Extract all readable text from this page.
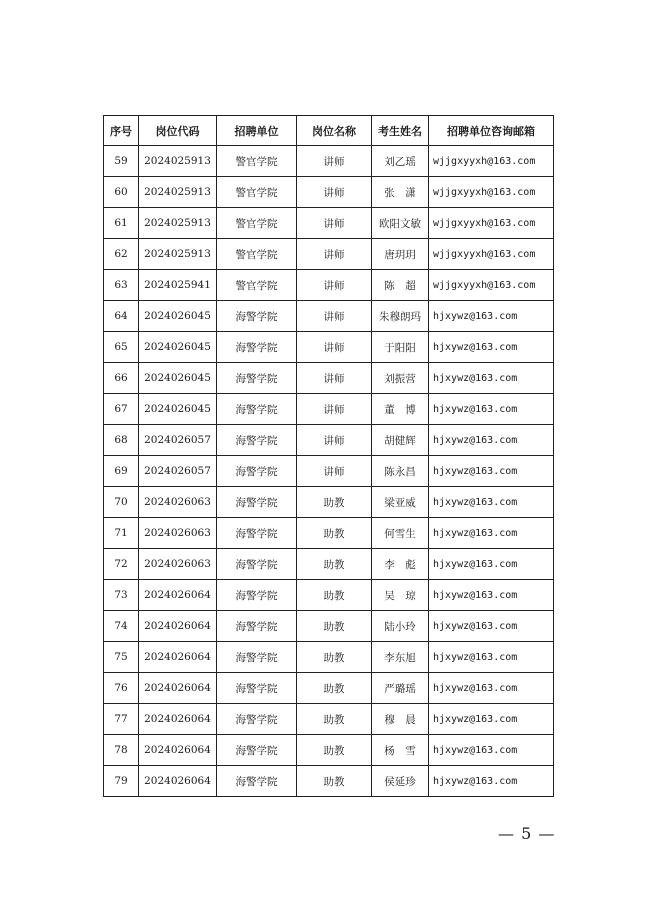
序号	岗位代码	招聘单位	岗位名称	考生姓名	招聘单位咨询邮箱
59	2024025913	警官学院	讲师	刘乙瑶	wjjgxyyxh@163.com
60	2024025913	警官学院	讲师	张　潇	wjjgxyyxh@163.com
61	2024025913	警官学院	讲师	欧阳文敏	wjjgxyyxh@163.com
62	2024025913	警官学院	讲师	唐玥玥	wjjgxyyxh@163.com
63	2024025941	警官学院	讲师	陈　超	wjjgxyyxh@163.com
64	2024026045	海警学院	讲师	朱穆朗玛	hjxywz@163.com
65	2024026045	海警学院	讲师	于阳阳	hjxywz@163.com
66	2024026045	海警学院	讲师	刘振营	hjxywz@163.com
67	2024026045	海警学院	讲师	董　博	hjxywz@163.com
68	2024026057	海警学院	讲师	胡健辉	hjxywz@163.com
69	2024026057	海警学院	讲师	陈永昌	hjxywz@163.com
70	2024026063	海警学院	助教	梁亚威	hjxywz@163.com
71	2024026063	海警学院	助教	何雪生	hjxywz@163.com
72	2024026063	海警学院	助教	李　彪	hjxywz@163.com
73	2024026064	海警学院	助教	吴　琼	hjxywz@163.com
74	2024026064	海警学院	助教	陆小玲	hjxywz@163.com
75	2024026064	海警学院	助教	李东旭	hjxywz@163.com
76	2024026064	海警学院	助教	严璐瑶	hjxywz@163.com
77	2024026064	海警学院	助教	穆　晨	hjxywz@163.com
78	2024026064	海警学院	助教	杨　雪	hjxywz@163.com
79	2024026064	海警学院	助教	侯延珍	hjxywz@163.com
— 5 —
